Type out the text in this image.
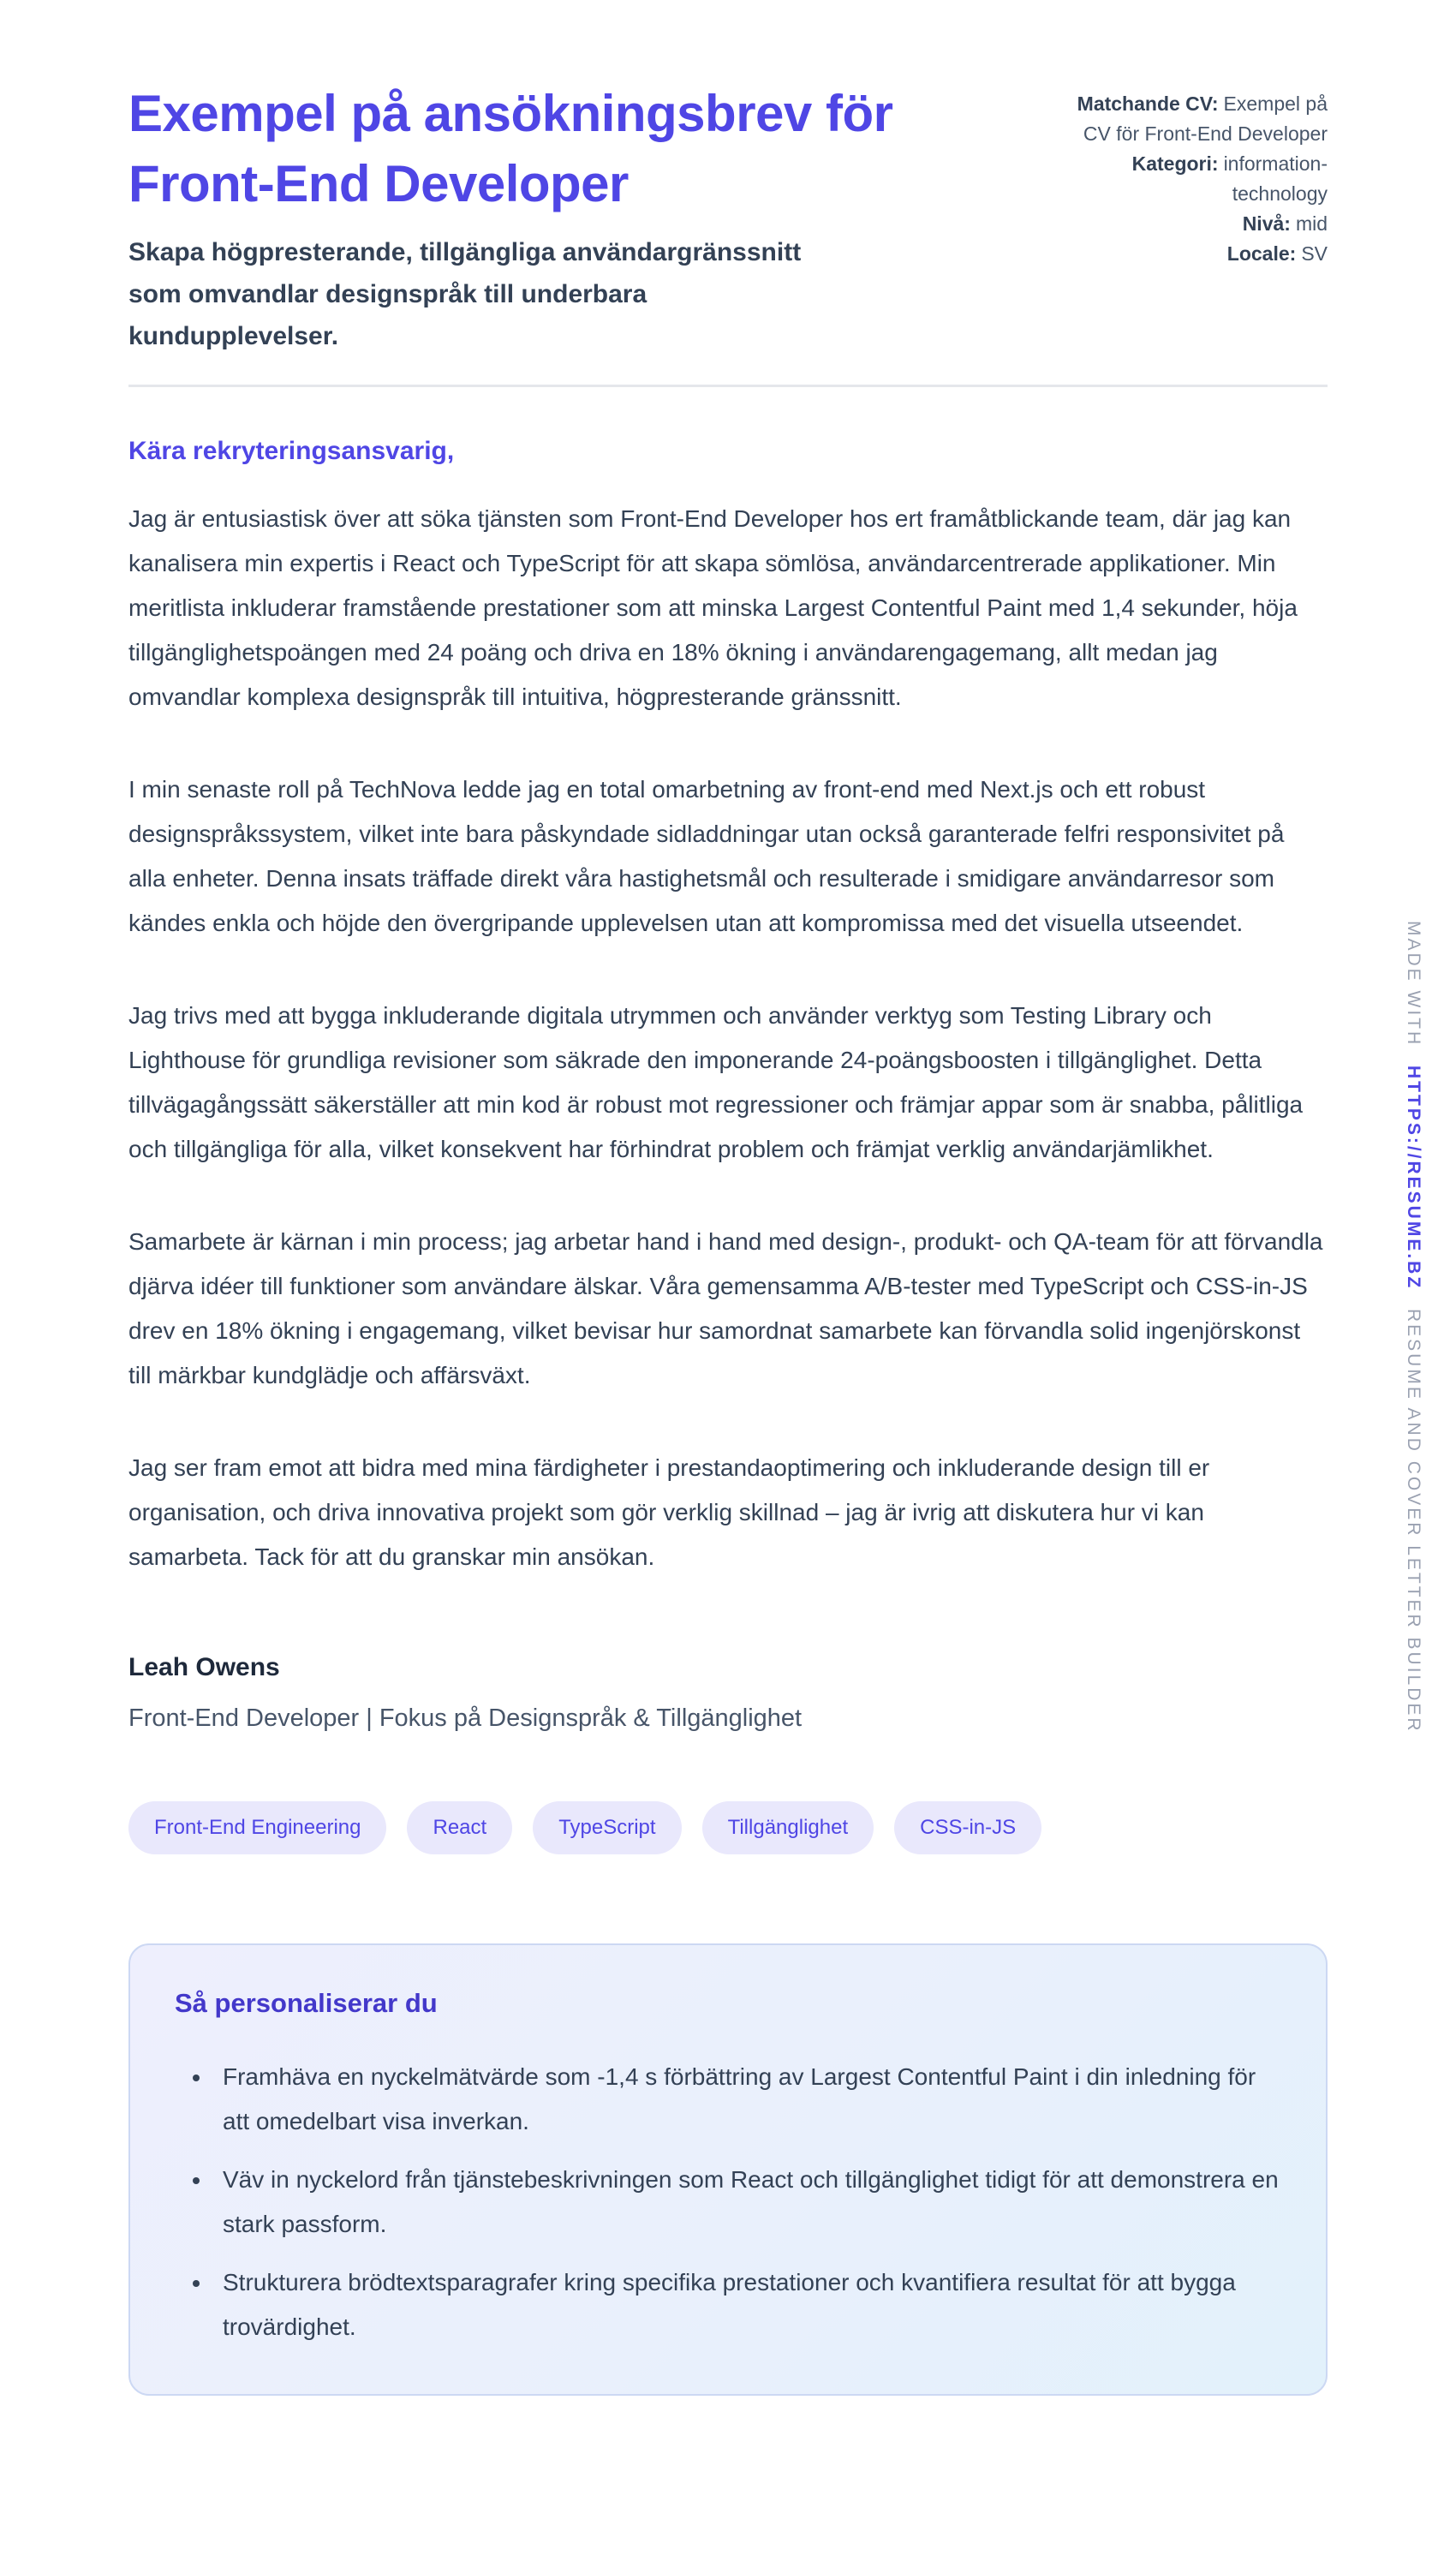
Exempel på ansökningsbrev för Front-End Developer
Skapa högpresterande, tillgängliga användargränssnitt som omvandlar designspråk till underbara kundupplevelser.
Matchande CV: Exempel på CV för Front-End Developer
Kategori: information-technology
Nivå: mid
Locale: SV
Kära rekryteringsansvarig,

Jag är entusiastisk över att söka tjänsten som Front-End Developer hos ert framåtblickande team, där jag kan kanalisera min expertis i React och TypeScript för att skapa sömlösa, användarcentrerade applikationer. Min meritlista inkluderar framstående prestationer som att minska Largest Contentful Paint med 1,4 sekunder, höja tillgänglighetspoängen med 24 poäng och driva en 18% ökning i användarengagemang, allt medan jag omvandlar komplexa designspråk till intuitiva, högpresterande gränssnitt.

I min senaste roll på TechNova ledde jag en total omarbetning av front-end med Next.js och ett robust designspråkssystem, vilket inte bara påskyndade sidladdningar utan också garanterade felfri responsivitet på alla enheter. Denna insats träffade direkt våra hastighetsmål och resulterade i smidigare användarresor som kändes enkla och höjde den övergripande upplevelsen utan att kompromissa med det visuella utseendet.

Jag trivs med att bygga inkluderande digitala utrymmen och använder verktyg som Testing Library och Lighthouse för grundliga revisioner som säkrade den imponerande 24-poängsboosten i tillgänglighet. Detta tillvägagångssätt säkerställer att min kod är robust mot regressioner och främjar appar som är snabba, pålitliga och tillgängliga för alla, vilket konsekvent har förhindrat problem och främjat verklig användarjämlikhet.

Samarbete är kärnan i min process; jag arbetar hand i hand med design-, produkt- och QA-team för att förvandla djärva idéer till funktioner som användare älskar. Våra gemensamma A/B-tester med TypeScript och CSS-in-JS drev en 18% ökning i engagemang, vilket bevisar hur samordnat samarbete kan förvandla solid ingenjörskonst till märkbar kundglädje och affärsväxt.

Jag ser fram emot att bidra med mina färdigheter i prestandaoptimering och inkluderande design till er organisation, och driva innovativa projekt som gör verklig skillnad – jag är ivrig att diskutera hur vi kan samarbeta. Tack för att du granskar min ansökan.

Leah Owens
Front-End Developer | Fokus på Designspråk & Tillgänglighet
Front-End Engineering	React	TypeScript	Tillgänglighet	CSS-in-JS
Så personaliserar du
• Framhäva en nyckelmätvärde som -1,4 s förbättring av Largest Contentful Paint i din inledning för att omedelbart visa inverkan.
• Väv in nyckelord från tjänstebeskrivningen som React och tillgänglighet tidigt för att demonstrera en stark passform.
• Strukturera brödtextsparagrafer kring specifika prestationer och kvantifiera resultat för att bygga trovärdighet.
MADE WITH
HTTPS://RESUME.BZ
RESUME AND COVER LETTER BUILDER
